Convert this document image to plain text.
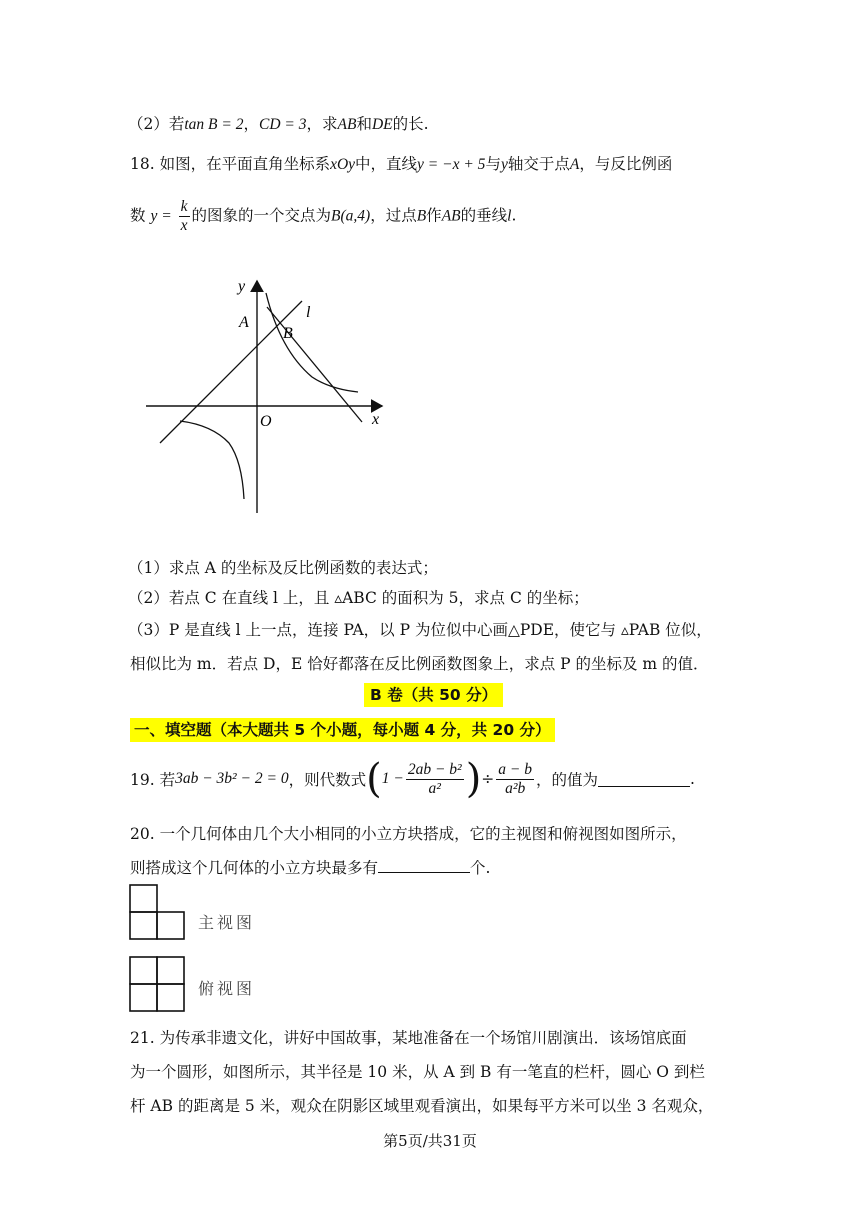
（2）若tan B = 2，CD = 3，求AB和DE的长.
18. 如图，在平面直角坐标系xOy中，直线y = −x + 5与y轴交于点A，与反比例函
数 $y = \frac{k}{x}$ 的图象的一个交点为B(a,4)，过点B作AB的垂线l.
y
A
B
l
O	x
（1）求点 A 的坐标及反比例函数的表达式；
（2）若点 C 在直线 l 上，且 ▵ABC 的面积为 5，求点 C 的坐标；
（3）P 是直线 l 上一点，连接 PA，以 P 为位似中心画△PDE，使它与 ▵PAB 位似，
相似比为 m．若点 D，E 恰好都落在反比例函数图象上，求点 P 的坐标及 m 的值．
B 卷（共 50 分）
一、填空题（本大题共 5 个小题，每小题 4 分，共 20 分）
19. 若3ab − 3b² − 2 = 0，则代数式($1 - \frac{\text{2ab − b²}}{\text{a²}}$ )÷ $\frac{a - b}{\text{a²b}}$ ，的值为	.
20. 一个几何体由几个大小相同的小立方块搭成，它的主视图和俯视图如图所示，
则搭成这个几何体的小立方块最多有	个.
主视图
俯视图
21. 为传承非遗文化，讲好中国故事，某地准备在一个场馆川剧演出．该场馆底面
为一个圆形，如图所示，其半径是 10 米，从 A 到 B 有一笔直的栏杆，圆心 O 到栏
杆 AB 的距离是 5 米，观众在阴影区域里观看演出，如果每平方米可以坐 3 名观众，
第5页/共31页
